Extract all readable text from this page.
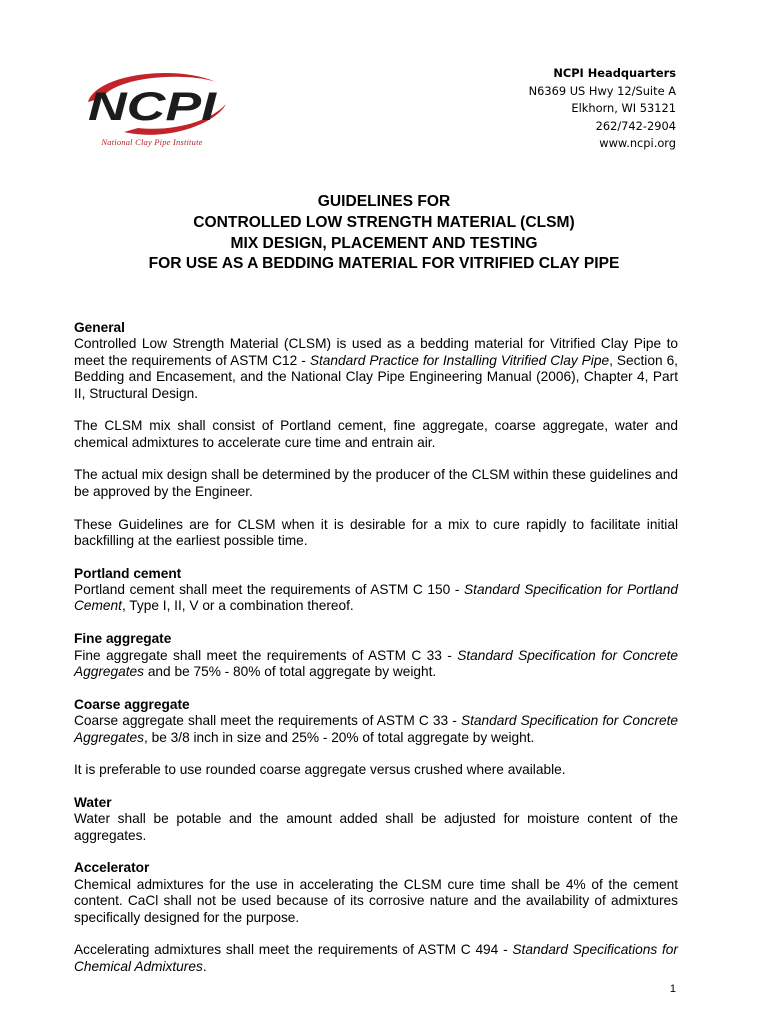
NCPI
National Clay Pipe Institute
NCPI Headquarters
N6369 US Hwy 12/Suite A
Elkhorn, WI 53121
262/742-2904
www.ncpi.org
GUIDELINES FOR
CONTROLLED LOW STRENGTH MATERIAL (CLSM)
MIX DESIGN, PLACEMENT AND TESTING
FOR USE AS A BEDDING MATERIAL FOR VITRIFIED CLAY PIPE
General

Controlled Low Strength Material (CLSM) is used as a bedding material for Vitrified Clay Pipe to meet the requirements of ASTM C12 - Standard Practice for Installing Vitrified Clay Pipe, Section 6, Bedding and Encasement, and the National Clay Pipe Engineering Manual (2006), Chapter 4, Part II, Structural Design.

The CLSM mix shall consist of Portland cement, fine aggregate, coarse aggregate, water and chemical admixtures to accelerate cure time and entrain air.

The actual mix design shall be determined by the producer of the CLSM within these guidelines and be approved by the Engineer.

These Guidelines are for CLSM when it is desirable for a mix to cure rapidly to facilitate initial backfilling at the earliest possible time.

Portland cement

Portland cement shall meet the requirements of ASTM C 150 - Standard Specification for Portland Cement, Type I, II, V or a combination thereof.

Fine aggregate

Fine aggregate shall meet the requirements of ASTM C 33 - Standard Specification for Concrete Aggregates and be 75% - 80% of total aggregate by weight.

Coarse aggregate

Coarse aggregate shall meet the requirements of ASTM C 33 - Standard Specification for Concrete Aggregates, be 3/8 inch in size and 25% - 20% of total aggregate by weight.

It is preferable to use rounded coarse aggregate versus crushed where available.

Water

Water shall be potable and the amount added shall be adjusted for moisture content of the aggregates.

Accelerator

Chemical admixtures for the use in accelerating the CLSM cure time shall be 4% of the cement content. CaCl shall not be used because of its corrosive nature and the availability of admixtures specifically designed for the purpose.

Accelerating admixtures shall meet the requirements of ASTM C 494 - Standard Specifications for Chemical Admixtures.

1
